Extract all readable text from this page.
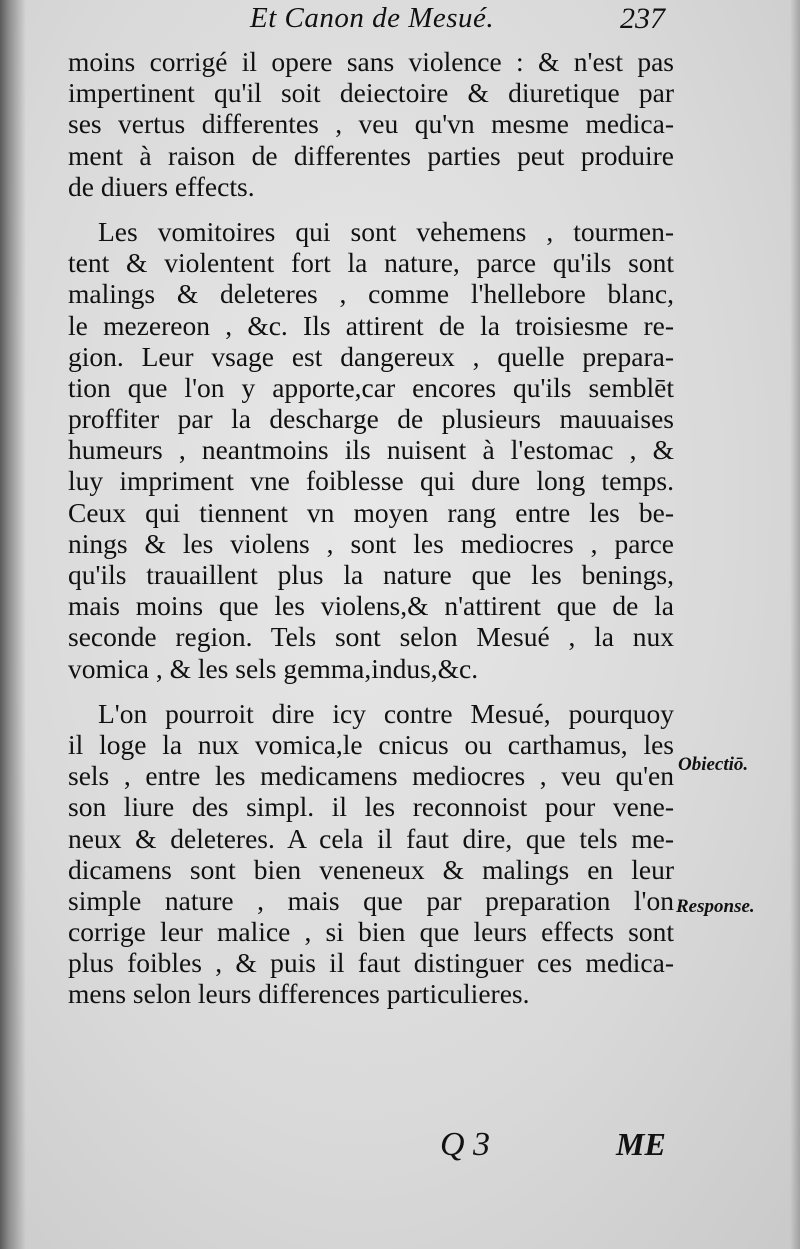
Et Canon de Mesué.	237
moins corrigé il opere sans violence : & n'est pas
impertinent qu'il soit deiectoire & diuretique par
ses vertus differentes , veu qu'vn mesme medica-
ment à raison de differentes parties peut produire
de diuers effects.
Les vomitoires qui sont vehemens , tourmen-
tent & violentent fort la nature, parce qu'ils sont
malings & deleteres , comme l'hellebore blanc,
le mezereon , &c. Ils attirent de la troisiesme re-
gion. Leur vsage est dangereux , quelle prepara-
tion que l'on y apporte,car encores qu'ils semblēt
proffiter par la descharge de plusieurs mauuaises
humeurs , neantmoins ils nuisent à l'estomac , &
luy impriment vne foiblesse qui dure long temps.
Ceux qui tiennent vn moyen rang entre les be-
nings & les violens , sont les mediocres , parce
qu'ils trauaillent plus la nature que les benings,
mais moins que les violens,& n'attirent que de la
seconde region. Tels sont selon Mesué , la nux
vomica , & les sels gemma,indus,&c.
L'on pourroit dire icy contre Mesué, pourquoy
il loge la nux vomica,le cnicus ou carthamus, les
sels , entre les medicamens mediocres , veu qu'en
son liure des simpl. il les reconnoist pour vene-
neux & deleteres. A cela il faut dire, que tels me-
dicamens sont bien veneneux & malings en leur
simple nature , mais que par preparation l'on
corrige leur malice , si bien que leurs effects sont
plus foibles , & puis il faut distinguer ces medica-
mens selon leurs differences particulieres.
Obiectiō.
Response.
Q 3	ME
